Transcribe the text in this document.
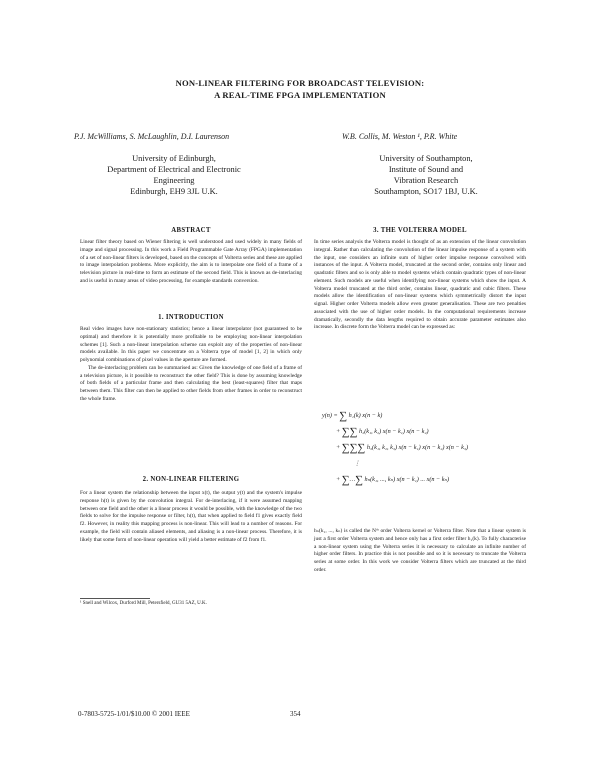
NON-LINEAR FILTERING FOR BROADCAST TELEVISION:
A REAL-TIME FPGA IMPLEMENTATION
P.J. McWilliams, S. McLaughlin, D.I. Laurenson	W.B. Collis, M. Weston ¹, P.R. White
University of Edinburgh,
Department of Electrical and Electronic
Engineering
Edinburgh, EH9 3JL U.K.
University of Southampton,
Institute of Sound and
Vibration Research
Southampton, SO17 1BJ, U.K.
ABSTRACT

Linear filter theory based on Wiener filtering is well understood and used widely in many fields of image and signal processing. In this work a Field Programmable Gate Array (FPGA) implementation of a set of non-linear filters is developed, based on the concepts of Volterra series and these are applied to image interpolation problems. More explicitly, the aim is to interpolate one field of a frame of a television picture in real-time to form an estimate of the second field. This is known as de-interlacing and is useful in many areas of video processing, for example standards conversion.

1. INTRODUCTION

Real video images have non-stationary statistics; hence a linear interpolator (not guaranteed to be optimal) and therefore it is potentially more profitable to be employing non-linear interpolation schemes [1]. Such a non-linear interpolation scheme can exploit any of the properties of non-linear models available. In this paper we concentrate on a Volterra type of model [1, 2] in which only polynomial combinations of pixel values in the aperture are formed.

The de-interlacing problem can be summarised as: Given the knowledge of one field of a frame of a television picture, is it possible to reconstruct the other field? This is done by assuming knowledge of both fields of a particular frame and then calculating the best (least-squares) filter that maps between them. This filter can then be applied to other fields from other frames in order to reconstruct the whole frame.

2. NON-LINEAR FILTERING

For a linear system the relationship between the input x(t), the output y(t) and the system's impulse response h(t) is given by the convolution integral. For de-interlacing, if it were assumed mapping between one field and the other is a linear process it would be possible, with the knowledge of the two fields to solve for the impulse response or filter, h(t), that when applied to field f1 gives exactly field f2. However, in reality this mapping process is non-linear. This will lead to a number of reasons. For example, the field will contain aliased elements, and aliasing is a non-linear process. Therefore, it is likely that some form of non-linear operation will yield a better estimate of f2 from f1.

¹ Snell and Wilcox, Durford Mill, Petersfield, GU31 5AZ, U.K.
3. THE VOLTERRA MODEL

In time series analysis the Volterra model is thought of as an extension of the linear convolution integral. Rather than calculating the convolution of the linear impulse response of a system with the input, one considers an infinite sum of higher order impulse response convolved with instances of the input. A Volterra model, truncated at the second order, contains only linear and quadratic filters and so is only able to model systems which contain quadratic types of non-linear element. Such models are useful when identifying non-linear systems which show the input. A Volterra model truncated at the third order, contains linear, quadratic and cubic filters. These models allow the identification of non-linear systems which symmetrically distort the input signal. Higher order Volterra models allow even greater generalisation. These are two penalties associated with the use of higher order models. In the computational requirements increase dramatically, secondly the data lengths required to obtain accurate parameter estimates also increase. In discrete form the Volterra model can be expressed as:

y(n) = ∑ h₁(k) x(n − k)
+ ∑∑ h₂(k₁, k₂) x(n − k₁) x(n − k₂)
+ ∑∑∑ h₃(k₁, k₂, k₃) x(n − k₁) x(n − k₂) x(n − k₃)
⋮
+ ∑…∑ hₙ(k₁, ..., kₙ) x(n − k₁) ... x(n − kₙ)

hₙ(k₁, ..., kₙ) is called the Nᵗʰ order Volterra kernel or Volterra filter. Note that a linear system is just a first order Volterra system and hence only has a first order filter h₁(k). To fully characterise a non-linear system using the Volterra series it is necessary to calculate an infinite number of higher order filters. In practice this is not possible and so it is necessary to truncate the Volterra series at some order. In this work we consider Volterra filters which are truncated at the third order.

0-7803-5725-1/01/$10.00 © 2001 IEEE	354
